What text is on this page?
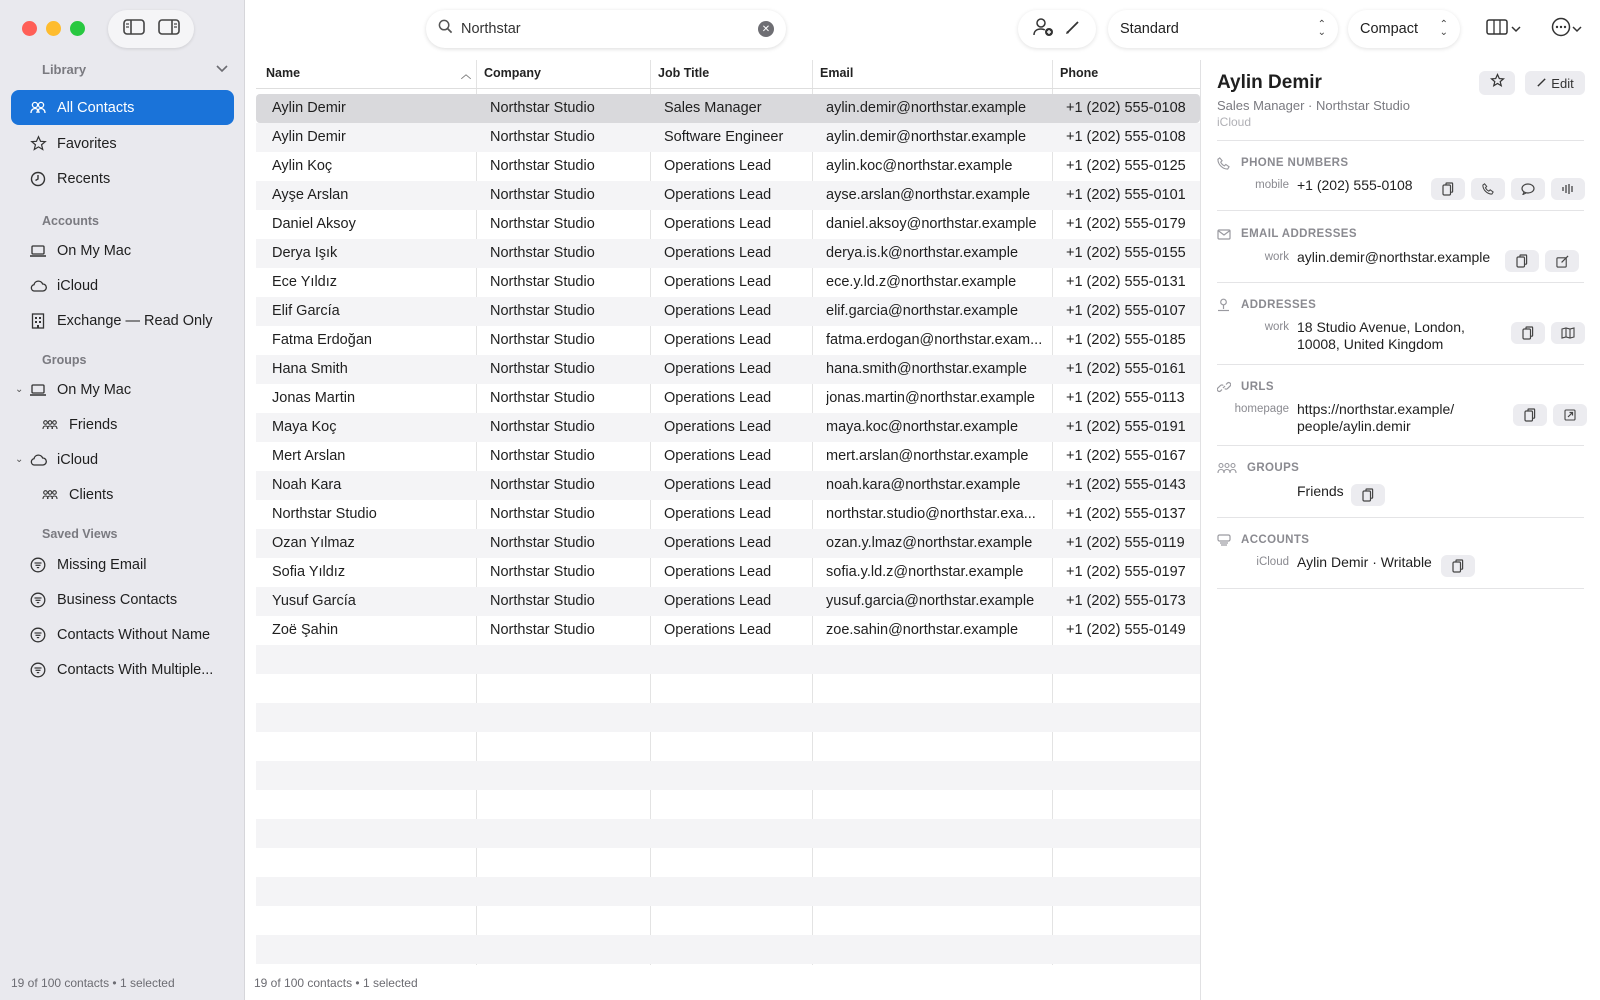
Library
All Contacts
Favorites
Recents
Accounts
On My Mac
iCloud
Exchange — Read Only
Groups
⌄ On My Mac
Friends
⌄ iCloud
Clients
Saved Views
Missing Email
Business Contacts
Contacts Without Name
Contacts With Multiple...
19 of 100 contacts • 1 selected
Northstar
✕	Standard	⌃
⌄ Compact ⌃
⌄
Name	︿ Company	Job Title	Email	Phone
Aylin Demir	Northstar Studio	Sales Manager	aylin.demir@northstar.example	+1 (202) 555-0108
Aylin Demir	Northstar Studio	Software Engineer	aylin.demir@northstar.example	+1 (202) 555-0108
Aylin Koç	Northstar Studio	Operations Lead	aylin.koc@northstar.example	+1 (202) 555-0125
Ayşe Arslan	Northstar Studio	Operations Lead	ayse.arslan@northstar.example	+1 (202) 555-0101
Daniel Aksoy	Northstar Studio	Operations Lead	daniel.aksoy@northstar.example	+1 (202) 555-0179
Derya Işık	Northstar Studio	Operations Lead	derya.is.k@northstar.example	+1 (202) 555-0155
Ece Yıldız	Northstar Studio	Operations Lead	ece.y.ld.z@northstar.example	+1 (202) 555-0131
Elif García	Northstar Studio	Operations Lead	elif.garcia@northstar.example	+1 (202) 555-0107
Fatma Erdoğan	Northstar Studio	Operations Lead	fatma.erdogan@northstar.exam...	+1 (202) 555-0185
Hana Smith	Northstar Studio	Operations Lead	hana.smith@northstar.example	+1 (202) 555-0161
Jonas Martin	Northstar Studio	Operations Lead	jonas.martin@northstar.example	+1 (202) 555-0113
Maya Koç	Northstar Studio	Operations Lead	maya.koc@northstar.example	+1 (202) 555-0191
Mert Arslan	Northstar Studio	Operations Lead	mert.arslan@northstar.example	+1 (202) 555-0167
Noah Kara	Northstar Studio	Operations Lead	noah.kara@northstar.example	+1 (202) 555-0143
Northstar Studio	Northstar Studio	Operations Lead	northstar.studio@northstar.exa...	+1 (202) 555-0137
Ozan Yılmaz	Northstar Studio	Operations Lead	ozan.y.lmaz@northstar.example	+1 (202) 555-0119
Sofia Yıldız	Northstar Studio	Operations Lead	sofia.y.ld.z@northstar.example	+1 (202) 555-0197
Yusuf García	Northstar Studio	Operations Lead	yusuf.garcia@northstar.example	+1 (202) 555-0173
Zoë Şahin	Northstar Studio	Operations Lead	zoe.sahin@northstar.example	+1 (202) 555-0149
19 of 100 contacts • 1 selected
Aylin Demir
Sales Manager · Northstar Studio
iCloud
Edit
PHONE NUMBERS
mobile +1 (202) 555-0108
EMAIL ADDRESSES
work aylin.demir@northstar.example
ADDRESSES
work 18 Studio Avenue, London,
10008, United Kingdom
URLS
homepage https://northstar.example/
people/aylin.demir
GROUPS
Friends
ACCOUNTS
iCloud Aylin Demir · Writable
